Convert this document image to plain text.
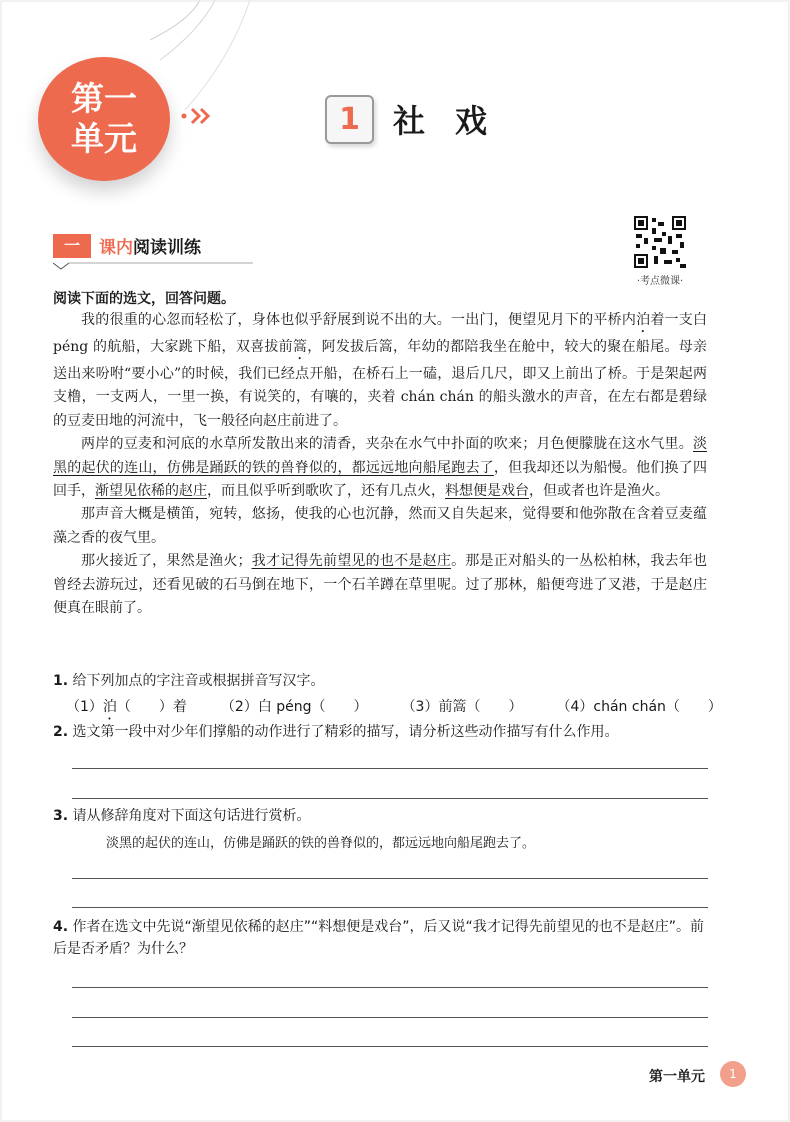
第一
单元	1	社戏
一	课内阅读训练
·考点微课·
阅读下面的选文，回答问题。

我的很重的心忽而轻松了，身体也似乎舒展到说不出的大。一出门，便望见月下的平桥内泊着一支白 péng 的航船，大家跳下船，双喜拔前篙，阿发拔后篙，年幼的都陪我坐在舱中，较大的聚在船尾。母亲送出来吩咐“要小心”的时候，我们已经点开船，在桥石上一磕，退后几尺，即又上前出了桥。于是架起两支橹，一支两人，一里一换，有说笑的，有嚷的，夹着 chán chán 的船头激水的声音，在左右都是碧绿的豆麦田地的河流中，飞一般径向赵庄前进了。

两岸的豆麦和河底的水草所发散出来的清香，夹杂在水气中扑面的吹来；月色便朦胧在这水气里。淡黑的起伏的连山，仿佛是踊跃的铁的兽脊似的，都远远地向船尾跑去了，但我却还以为船慢。他们换了四回手，渐望见依稀的赵庄，而且似乎听到歌吹了，还有几点火，料想便是戏台，但或者也许是渔火。

那声音大概是横笛，宛转，悠扬，使我的心也沉静，然而又自失起来，觉得要和他弥散在含着豆麦蕴藻之香的夜气里。

那火接近了，果然是渔火；我才记得先前望见的也不是赵庄。那是正对船头的一丛松柏林，我去年也曾经去游玩过，还看见破的石马倒在地下，一个石羊蹲在草里呢。过了那林，船便弯进了叉港，于是赵庄便真在眼前了。

1. 给下列加点的字注音或根据拼音写汉字。
（1）泊（　　）着 （2）白 péng（　　） （3）前篙（　　） （4）chán chán（　　）
2. 选文第一段中对少年们撑船的动作进行了精彩的描写，请分析这些动作描写有什么作用。
3. 请从修辞角度对下面这句话进行赏析。
淡黑的起伏的连山，仿佛是踊跃的铁的兽脊似的，都远远地向船尾跑去了。
4. 作者在选文中先说“渐望见依稀的赵庄”“料想便是戏台”，后又说“我才记得先前望见的也不是赵庄”。前后是否矛盾？为什么？
第一单元	1
